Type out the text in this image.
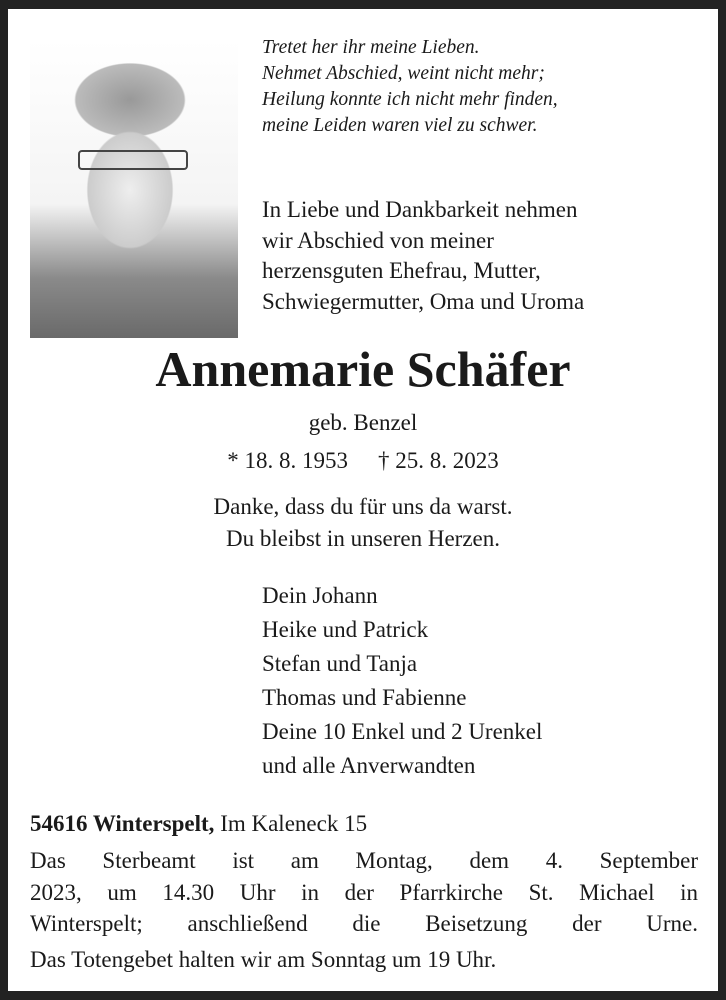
Tretet her ihr meine Lieben.
Nehmet Abschied, weint nicht mehr;
Heilung konnte ich nicht mehr finden,
meine Leiden waren viel zu schwer.
In Liebe und Dankbarkeit nehmen
wir Abschied von meiner
herzensguten Ehefrau, Mutter,
Schwiegermutter, Oma und Uroma
Annemarie Schäfer
geb. Benzel
* 18. 8. 1953 † 25. 8. 2023
Danke, dass du für uns da warst.
Du bleibst in unseren Herzen.
Dein Johann
Heike und Patrick
Stefan und Tanja
Thomas und Fabienne
Deine 10 Enkel und 2 Urenkel
und alle Anverwandten
54616 Winterspelt, Im Kaleneck 15
Das Sterbeamt ist am Montag, dem 4. September
2023, um 14.30 Uhr in der Pfarrkirche St. Michael in
Winterspelt; anschließend die Beisetzung der Urne.
Das Totengebet halten wir am Sonntag um 19 Uhr.
